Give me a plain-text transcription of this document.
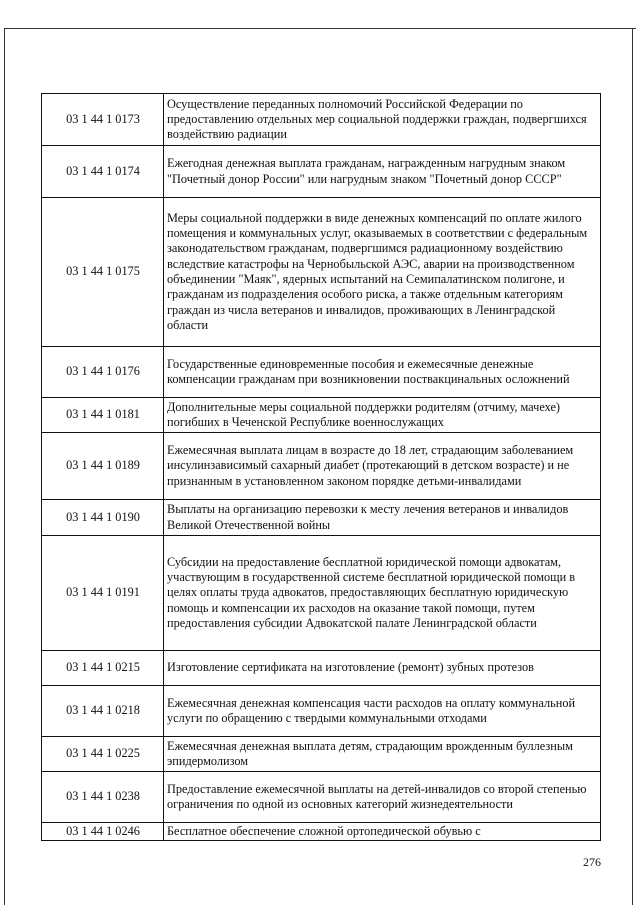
03 1 44 1 0173	Осуществление переданных полномочий Российской Федерации по предоставлению отдельных мер социальной поддержки граждан, подвергшихся воздействию радиации
03 1 44 1 0174	Ежегодная денежная выплата гражданам, награжденным нагрудным знаком "Почетный донор России" или нагрудным знаком "Почетный донор СССР"
03 1 44 1 0175	Меры социальной поддержки в виде денежных компенсаций по оплате жилого помещения и коммунальных услуг, оказываемых в соответствии с федеральным законодательством гражданам, подвергшимся радиационному воздействию вследствие катастрофы на Чернобыльской АЭС, аварии на производственном объединении "Маяк", ядерных испытаний на Семипалатинском полигоне, и гражданам из подразделения особого риска, а также отдельным категориям граждан из числа ветеранов и инвалидов, проживающих в Ленинградской области
03 1 44 1 0176	Государственные единовременные пособия и ежемесячные денежные компенсации гражданам при возникновении поствакцинальных осложнений
03 1 44 1 0181	Дополнительные меры социальной поддержки родителям (отчиму, мачехе) погибших в Чеченской Республике военнослужащих
03 1 44 1 0189	Ежемесячная выплата лицам в возрасте до 18 лет, страдающим заболеванием инсулинзависимый сахарный диабет (протекающий в детском возрасте) и не признанным в установленном законом порядке детьми-инвалидами
03 1 44 1 0190	Выплаты на организацию перевозки к месту лечения ветеранов и инвалидов Великой Отечественной войны
03 1 44 1 0191	Субсидии на предоставление бесплатной юридической помощи адвокатам, участвующим в государственной системе бесплатной юридической помощи в целях оплаты труда адвокатов, предоставляющих бесплатную юридическую помощь и компенсации их расходов на оказание такой помощи, путем предоставления субсидии Адвокатской палате Ленинградской области
03 1 44 1 0215	Изготовление сертификата на изготовление (ремонт) зубных протезов
03 1 44 1 0218	Ежемесячная денежная компенсация части расходов на оплату коммунальной услуги по обращению с твердыми коммунальными отходами
03 1 44 1 0225	Ежемесячная денежная выплата детям, страдающим врожденным буллезным эпидермолизом
03 1 44 1 0238	Предоставление ежемесячной выплаты на детей-инвалидов со второй степенью ограничения по одной из основных категорий жизнедеятельности
03 1 44 1 0246	Бесплатное обеспечение сложной ортопедической обувью с
276
